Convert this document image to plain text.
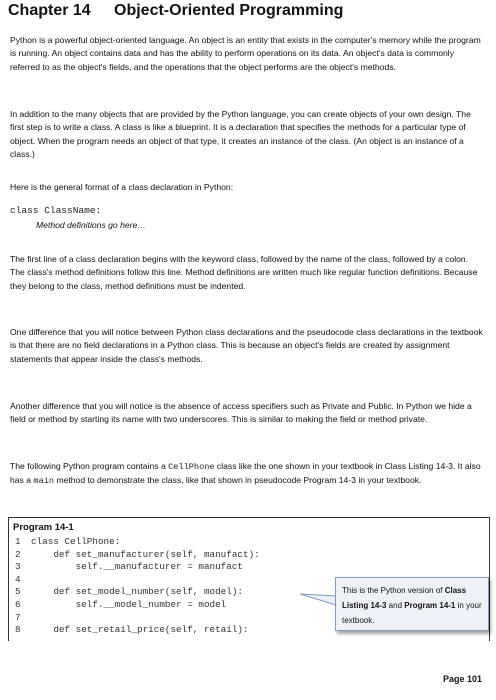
Chapter 14 Object-Oriented Programming

Python is a powerful object-oriented language. An object is an entity that exists in the computer's memory while the program is running. An object contains data and has the ability to perform operations on its data. An object's data is commonly referred to as the object's fields, and the operations that the object performs are the object's methods.

In addition to the many objects that are provided by the Python language, you can create objects of your own design. The first step is to write a class. A class is like a blueprint. It is a declaration that specifies the methods for a particular type of object. When the program needs an object of that type, it creates an instance of the class. (An object is an instance of a class.)

Here is the general format of a class declaration in Python:

class ClassName:
Method definitions go here…

The first line of a class declaration begins with the keyword class, followed by the name of the class, followed by a colon. The class's method definitions follow this line. Method definitions are written much like regular function definitions. Because they belong to the class, method definitions must be indented.

One difference that you will notice between Python class declarations and the pseudocode class declarations in the textbook is that there are no field declarations in a Python class. This is because an object's fields are created by assignment statements that appear inside the class's methods.

Another difference that you will notice is the absence of access specifiers such as Private and Public. In Python we hide a field or method by starting its name with two underscores. This is similar to making the field or method private.

The following Python program contains a CellPhone class like the one shown in your textbook in Class Listing 14-3. It also has a main method to demonstrate the class, like that shown in pseudocode Program 14-3 in your textbook.

Program 14-1
1 class CellPhone:
2    def set_manufacturer(self, manufact):
3        self.__manufacturer = manufact
4
5    def set_model_number(self, model):
6        self.__model_number = model
7
8    def set_retail_price(self, retail):
This is the Python version of Class Listing 14-3 and Program 14-1 in your textbook.
Page 101
